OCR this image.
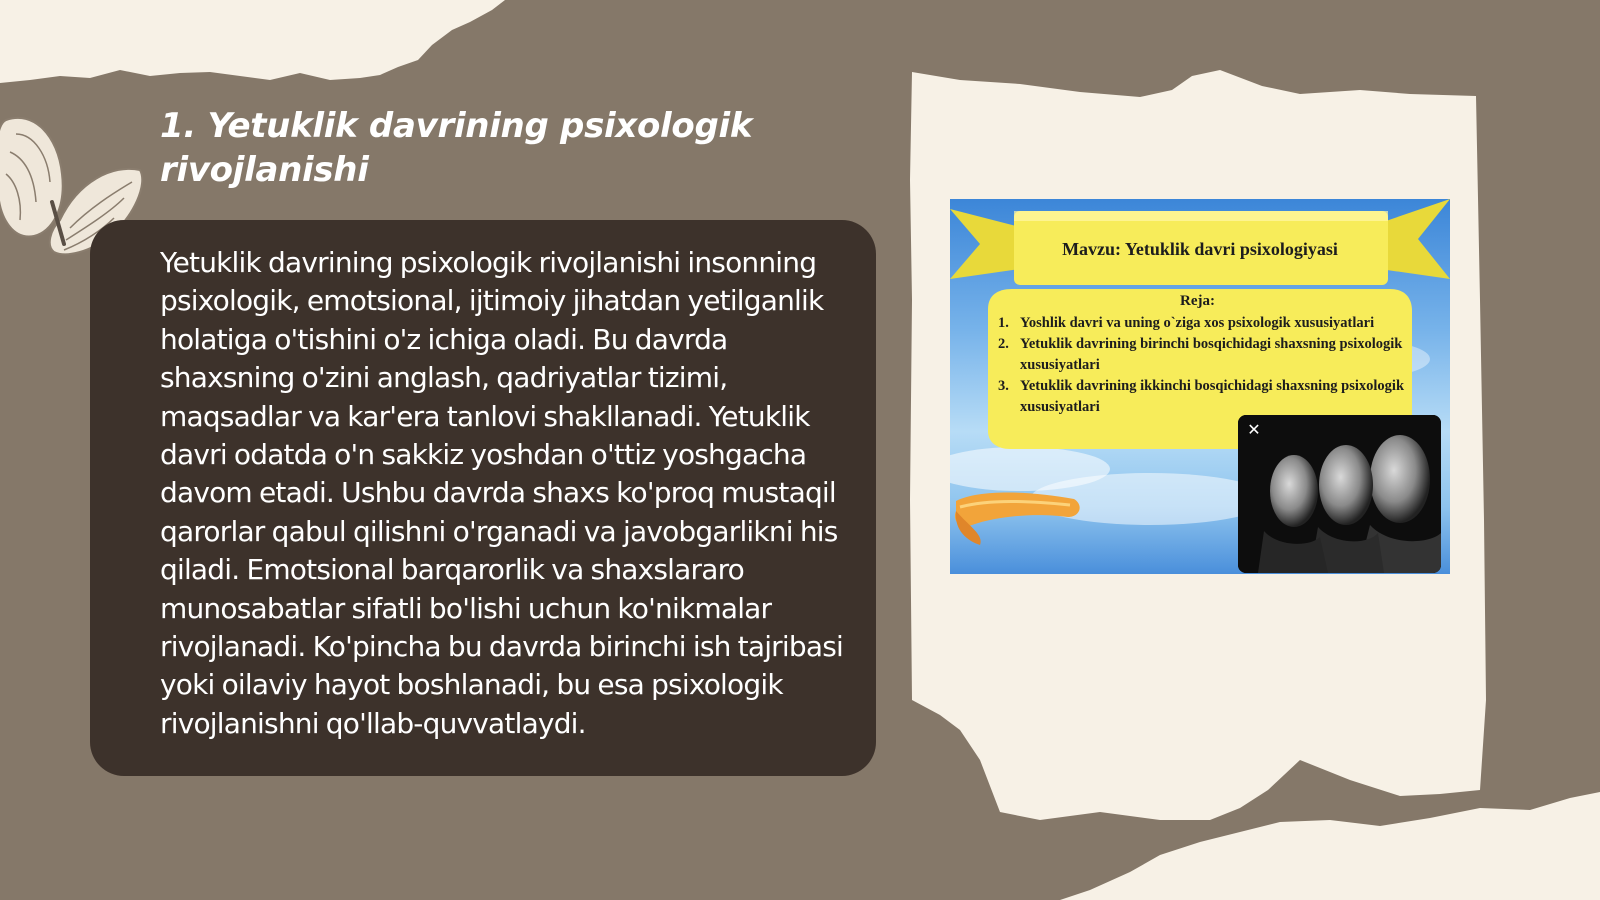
1. Yetuklik davrining psixologik rivojlanishi

Yetuklik davrining psixologik rivojlanishi insonning psixologik, emotsional, ijtimoiy jihatdan yetilganlik holatiga o'tishini o'z ichiga oladi. Bu davrda shaxsning o'zini anglash, qadriyatlar tizimi, maqsadlar va kar'era tanlovi shakllanadi. Yetuklik davri odatda o'n sakkiz yoshdan o'ttiz yoshgacha davom etadi. Ushbu davrda shaxs ko'proq mustaqil qarorlar qabul qilishni o'rganadi va javobgarlikni his qiladi. Emotsional barqarorlik va shaxslararo munosabatlar sifatli bo'lishi uchun ko'nikmalar rivojlanadi. Ko'pincha bu davrda birinchi ish tajribasi yoki oilaviy hayot boshlanadi, bu esa psixologik rivojlanishni qo'llab-quvvatlaydi.

Mavzu: Yetuklik davri psixologiyasi
Reja:
1. Yoshlik davri va uning o`ziga xos psixologik xususiyatlari
2. Yetuklik davrining birinchi bosqichidagi shaxsning psixologik xususiyatlari
3. Yetuklik davrining ikkinchi bosqichidagi shaxsning psixologik xususiyatlari
✕
